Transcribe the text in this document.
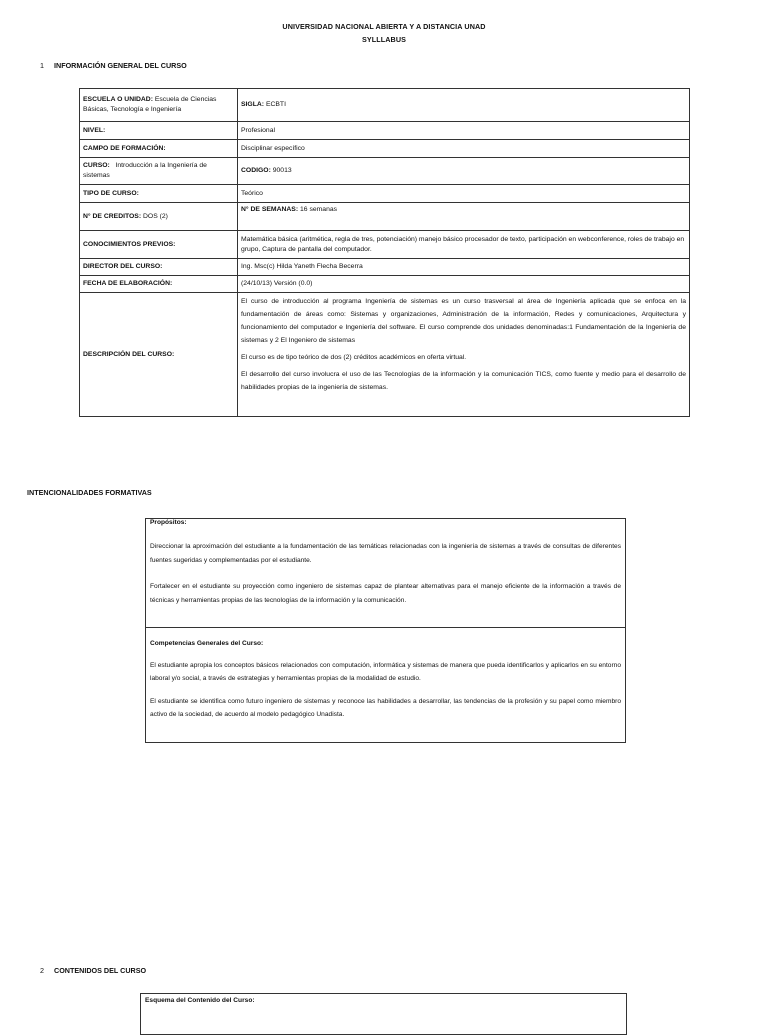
UNIVERSIDAD NACIONAL ABIERTA Y A DISTANCIA UNAD
SYLLLABUS
1 INFORMACIÓN GENERAL DEL CURSO
ESCUELA O UNIDAD: Escuela de Ciencias Básicas, Tecnología e Ingeniería	SIGLA: ECBTI
NIVEL:	Profesional
CAMPO DE FORMACIÓN:	Disciplinar específico
CURSO: Introducción a la Ingeniería de sistemas	CODIGO: 90013
TIPO DE CURSO:	Teórico
N° DE CREDITOS: DOS (2)	N° DE SEMANAS: 16 semanas
CONOCIMIENTOS PREVIOS:	Matemática básica (aritmética, regla de tres, potenciación) manejo básico procesador de texto, participación en webconference, roles de trabajo en grupo, Captura de pantalla del computador.
DIRECTOR DEL CURSO:	Ing. Msc(c) Hilda Yaneth Flecha Becerra
FECHA DE ELABORACIÓN:	(24/10/13) Versión (0.0)
DESCRIPCIÓN DEL CURSO:	El curso de introducción al programa Ingeniería de sistemas es un curso trasversal al área de Ingeniería aplicada que se enfoca en la fundamentación de áreas como: Sistemas y organizaciones, Administración de la información, Redes y comunicaciones, Arquitectura y funcionamiento del computador e Ingeniería del software. El curso comprende dos unidades denominadas:1 Fundamentación de la Ingeniería de sistemas y 2 El Ingeniero de sistemas

El curso es de tipo teórico de dos (2) créditos académicos en oferta virtual.

El desarrollo del curso involucra el uso de las Tecnologías de la información y la comunicación TICS, como fuente y medio para el desarrollo de habilidades propias de la ingeniería de sistemas.

INTENCIONALIDADES FORMATIVAS
Propósitos:

Direccionar la aproximación del estudiante a la fundamentación de las temáticas relacionadas con la ingeniería de sistemas a través de consultas de diferentes fuentes sugeridas y complementadas por el estudiante.

Fortalecer en el estudiante su proyección como ingeniero de sistemas capaz de plantear alternativas para el manejo eficiente de la información a través de técnicas y herramientas propias de las tecnologías de la información y la comunicación.

Competencias Generales del Curso:

El estudiante apropia los conceptos básicos relacionados con computación, informática y sistemas de manera que pueda identificarlos y aplicarlos en su entorno laboral y/o social, a través de estrategias y herramientas propias de la modalidad de estudio.

El estudiante se identifica como futuro ingeniero de sistemas y reconoce las habilidades a desarrollar, las tendencias de la profesión y su papel como miembro activo de la sociedad, de acuerdo al modelo pedagógico Unadista.

2 CONTENIDOS DEL CURSO
Esquema del Contenido del Curso:
